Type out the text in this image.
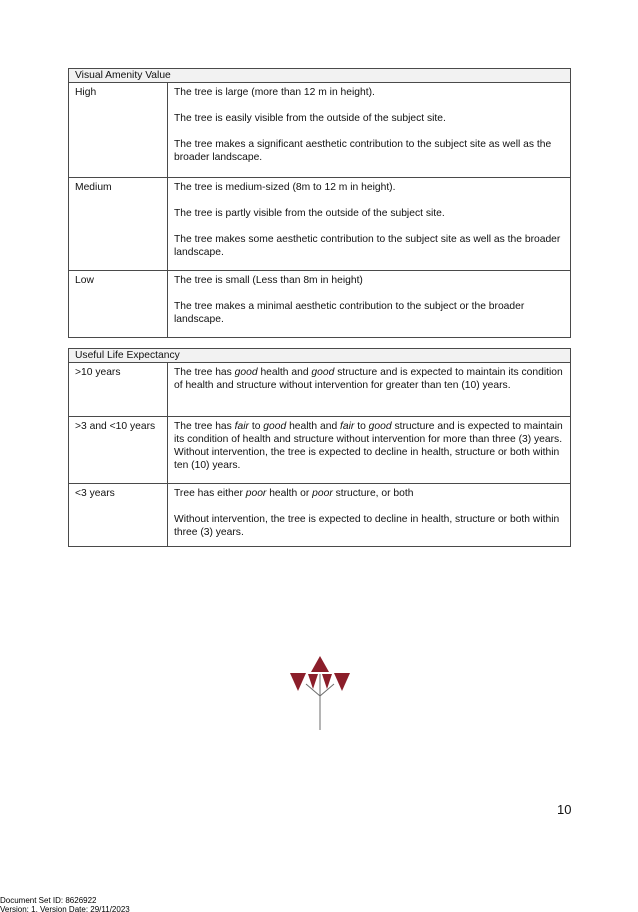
Visual Amenity Value
High	The tree is large (more than 12 m in height).

The tree is easily visible from the outside of the subject site.

The tree makes a significant aesthetic contribution to the subject site as well as the broader landscape.

Medium	The tree is medium-sized (8m to 12 m in height).

The tree is partly visible from the outside of the subject site.

The tree makes some aesthetic contribution to the subject site as well as the broader landscape.

Low	The tree is small (Less than 8m in height)

The tree makes a minimal aesthetic contribution to the subject or the broader landscape.

Useful Life Expectancy
>10 years	The tree has good health and good structure and is expected to maintain its condition of health and structure without intervention for greater than ten (10) years.

>3 and <10 years	The tree has fair to good health and fair to good structure and is expected to maintain its condition of health and structure without intervention for more than three (3) years. Without intervention, the tree is expected to decline in health, structure or both within ten (10) years.

<3 years	Tree has either poor health or poor structure, or both

Without intervention, the tree is expected to decline in health, structure or both within three (3) years.

10
Document Set ID: 8626922
Version: 1, Version Date: 29/11/2023
